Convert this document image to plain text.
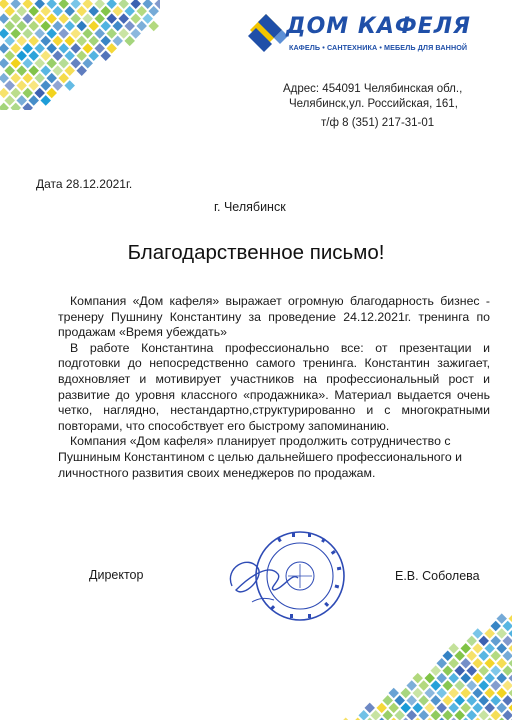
ДОМ КАФЕЛЯ
КАФЕЛЬ • САНТЕХНИКА • МЕБЕЛЬ ДЛЯ ВАННОЙ
Адрес: 454091 Челябинская обл.,
Челябинск,ул. Российская, 161,
т/ф 8 (351) 217-31-01
Дата 28.12.2021г.
г. Челябинск
Благодарственное письмо!

Компания «Дом кафеля» выражает огромную благодарность бизнес - тренеру Пушнину Константину за проведение 24.12.2021г. тренинга по продажам «Время убеждать»

В работе Константина профессионально все: от презентации и подготовки до непосредственно самого тренинга. Константин зажигает, вдохновляет и мотивирует участников на профессиональный рост и развитие до уровня классного «продажника». Материал выдается очень четко, наглядно, нестандартно,структурированно и с многократными повторами, что способствует его быстрому запоминанию.

Компания «Дом кафеля» планирует продолжить сотрудничество с Пушниным Константином с целью дальнейшего профессионального и личностного развития своих менеджеров по продажам.

Директор	Е.В. Соболева
